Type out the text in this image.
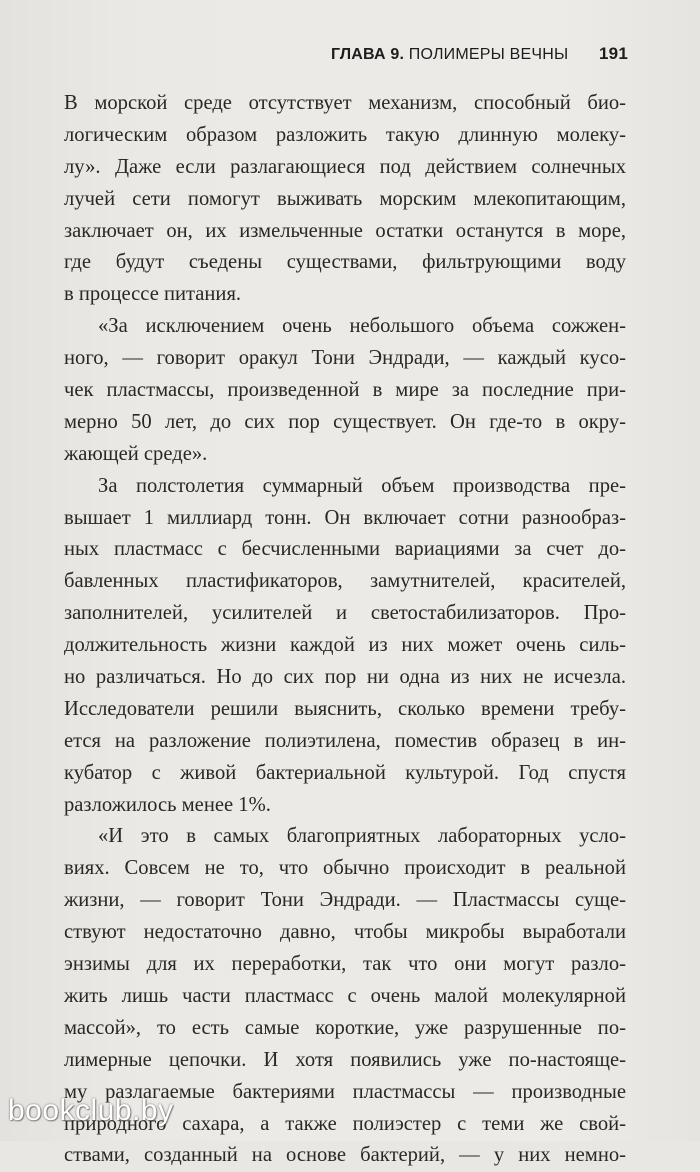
ГЛАВА 9. ПОЛИМЕРЫ ВЕЧНЫ 191
В морской среде отсутствует механизм, способный био-
логическим образом разложить такую длинную молеку-
лу». Даже если разлагающиеся под действием солнечных
лучей сети помогут выживать морским млекопитающим,
заключает он, их измельченные остатки останутся в море,
где будут съедены существами, фильтрующими воду
в процессе питания.
«За исключением очень небольшого объема сожжен-
ного, — говорит оракул Тони Эндради, — каждый кусо-
чек пластмассы, произведенной в мире за последние при-
мерно 50 лет, до сих пор существует. Он где-то в окру-
жающей среде».
За полстолетия суммарный объем производства пре-
вышает 1 миллиард тонн. Он включает сотни разнообраз-
ных пластмасс с бесчисленными вариациями за счет до-
бавленных пластификаторов, замутнителей, красителей,
заполнителей, усилителей и светостабилизаторов. Про-
должительность жизни каждой из них может очень силь-
но различаться. Но до сих пор ни одна из них не исчезла.
Исследователи решили выяснить, сколько времени требу-
ется на разложение полиэтилена, поместив образец в ин-
кубатор с живой бактериальной культурой. Год спустя
разложилось менее 1%.
«И это в самых благоприятных лабораторных усло-
виях. Совсем не то, что обычно происходит в реальной
жизни, — говорит Тони Эндради. — Пластмассы суще-
ствуют недостаточно давно, чтобы микробы выработали
энзимы для их переработки, так что они могут разло-
жить лишь части пластмасс с очень малой молекулярной
массой», то есть самые короткие, уже разрушенные по-
лимерные цепочки. И хотя появились уже по-настояще-
му разлагаемые бактериями пластмассы — производные
природного сахара, а также полиэстер с теми же свой-
ствами, созданный на основе бактерий, — у них немно-
bookclub.by
